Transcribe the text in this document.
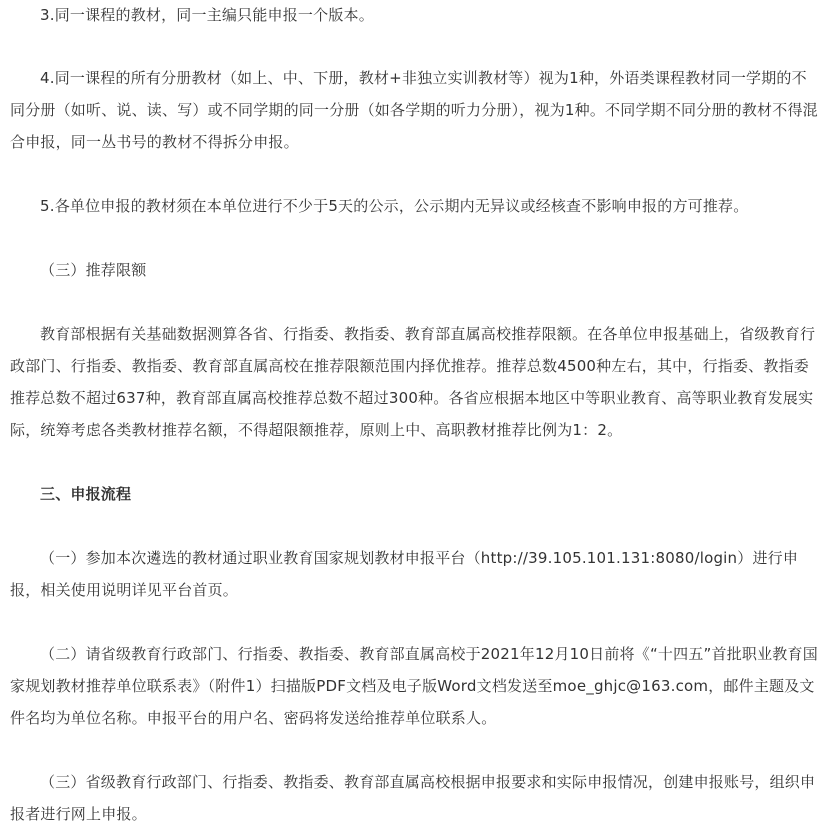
3.同一课程的教材，同一主编只能申报一个版本。

4.同一课程的所有分册教材（如上、中、下册，教材+非独立实训教材等）视为1种，外语类课程教材同一学期的不同分册（如听、说、读、写）或不同学期的同一分册（如各学期的听力分册），视为1种。不同学期不同分册的教材不得混合申报，同一丛书号的教材不得拆分申报。

5.各单位申报的教材须在本单位进行不少于5天的公示，公示期内无异议或经核查不影响申报的方可推荐。

（三）推荐限额

教育部根据有关基础数据测算各省、行指委、教指委、教育部直属高校推荐限额。在各单位申报基础上，省级教育行政部门、行指委、教指委、教育部直属高校在推荐限额范围内择优推荐。推荐总数4500种左右，其中，行指委、教指委推荐总数不超过637种，教育部直属高校推荐总数不超过300种。各省应根据本地区中等职业教育、高等职业教育发展实际，统筹考虑各类教材推荐名额，不得超限额推荐，原则上中、高职教材推荐比例为1：2。

三、申报流程

（一）参加本次遴选的教材通过职业教育国家规划教材申报平台（http://39.105.101.131:8080/login）进行申报，相关使用说明详见平台首页。

（二）请省级教育行政部门、行指委、教指委、教育部直属高校于2021年12月10日前将《“十四五”首批职业教育国家规划教材推荐单位联系表》（附件1）扫描版PDF文档及电子版Word文档发送至moe_ghjc@163.com，邮件主题及文件名均为单位名称。申报平台的用户名、密码将发送给推荐单位联系人。

（三）省级教育行政部门、行指委、教指委、教育部直属高校根据申报要求和实际申报情况，创建申报账号，组织申报者进行网上申报。
